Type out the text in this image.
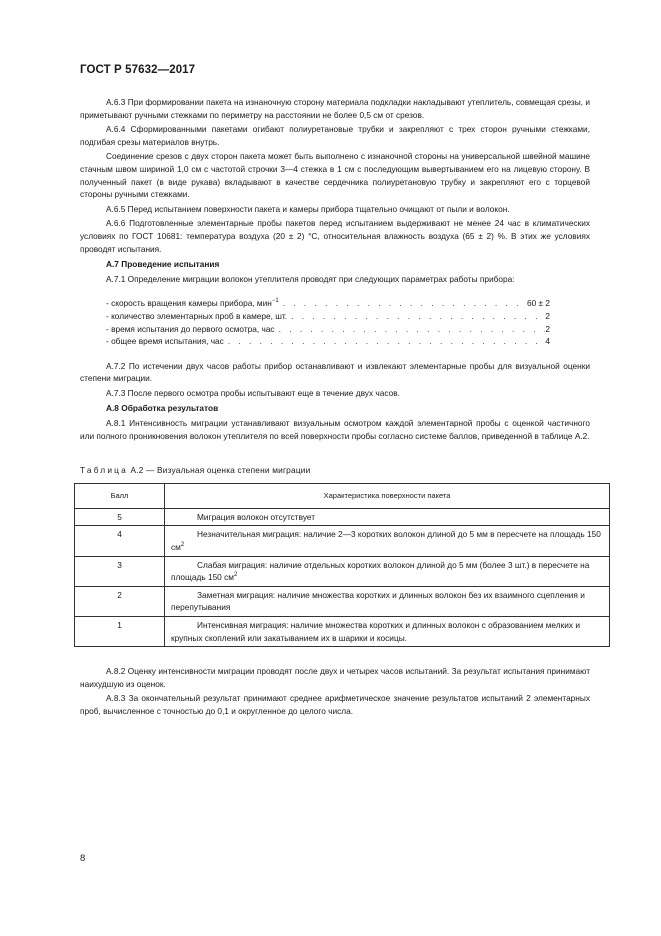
ГОСТ Р 57632—2017

А.6.3 При формировании пакета на изнаночную сторону материала подкладки накладывают утеплитель, совмещая срезы, и приметывают ручными стежками по периметру на расстоянии не более 0,5 см от срезов.

А.6.4 Сформированными пакетами огибают полиуретановые трубки и закрепляют с трех сторон ручными стежками, подгибая срезы материалов внутрь.

Соединение срезов с двух сторон пакета может быть выполнено с изнаночной стороны на универсальной швейной машине стачным швом шириной 1,0 см с частотой строчки 3—4 стежка в 1 см с последующим вывертыванием его на лицевую сторону. В полученный пакет (в виде рукава) вкладывают в качестве сердечника полиуретановую трубку и закрепляют его с торцевой стороны ручными стежками.

А.6.5 Перед испытанием поверхности пакета и камеры прибора тщательно очищают от пыли и волокон.

А.6.6 Подготовленные элементарные пробы пакетов перед испытанием выдерживают не менее 24 час в климатических условиях по ГОСТ 10681: температура воздуха (20 ± 2) °С, относительная влажность воздуха (65 ± 2) %. В этих же условиях проводят испытания.

А.7 Проведение испытания

А.7.1 Определение миграции волокон утеплителя проводят при следующих параметрах работы прибора:

- скорость вращения камеры прибора, мин$^{-1}$ . . .	60 ± 2
- количество элементарных проб в камере, шт. . . .	2
- время испытания до первого осмотра, час . . .	2
- общее время испытания, час . . .	4

А.7.2 По истечении двух часов работы прибор останавливают и извлекают элементарные пробы для визуальной оценки степени миграции.

А.7.3 После первого осмотра пробы испытывают еще в течение двух часов.

А.8 Обработка результатов

А.8.1 Интенсивность миграции устанавливают визуальным осмотром каждой элементарной пробы с оценкой частичного или полного проникновения волокон утеплителя по всей поверхности пробы согласно системе баллов, приведенной в таблице А.2.

Таблица А.2 — Визуальная оценка степени миграции
Балл	Характеристика поверхности пакета
5	Миграция волокон отсутствует
4	Незначительная миграция: наличие 2—3 коротких волокон длиной до 5 мм в пересчете на площадь 150 $см^2$
3	Слабая миграция: наличие отдельных коротких волокон длиной до 5 мм (более 3 шт.) в пересчете на площадь 150 $см^2$
2	Заметная миграция: наличие множества коротких и длинных волокон без их взаимного сцепления и перепутывания
1	Интенсивная миграция: наличие множества коротких и длинных волокон с образованием мелких и крупных скоплений или закатыванием их в шарики и косицы.

А.8.2 Оценку интенсивности миграции проводят после двух и четырех часов испытаний. За результат испытания принимают наихудшую из оценок.

А.8.3 За окончательный результат принимают среднее арифметическое значение результатов испытаний 2 элементарных проб, вычисленное с точностью до 0,1 и округленное до целого числа.

8
